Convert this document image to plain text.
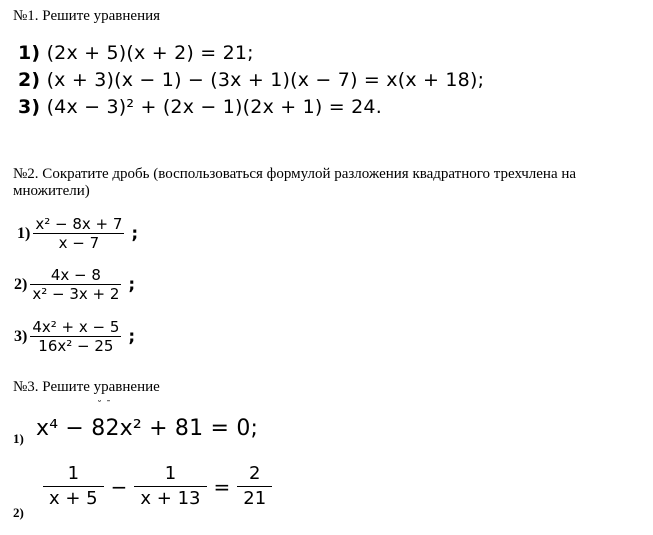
№1. Решите уравнения
1) (2x + 5)(x + 2) = 21;
2) (x + 3)(x − 1) − (3x + 1)(x − 7) = x(x + 18);
3) (4x − 3)² + (2x − 1)(2x + 1) = 24.
№2. Сократите дробь (воспользоваться формулой разложения квадратного трехчлена на множители)
$1) \frac{\text{x² − 8x + 7}}{x - 7}$ ;
$2) \frac{4x - 8}{\text{x² − 3x + 2}}$ ;
$3) \frac{\text{4x² + x − 5}}{\text{16x² − 25}}$ ;
№3. Решите уравнение
˘ˉ
1) x⁴ − 82x² + 81 = 0;
2)
$\frac{1}{x + 5} - \frac{1}{x + 13} = \frac{2}{21}$
